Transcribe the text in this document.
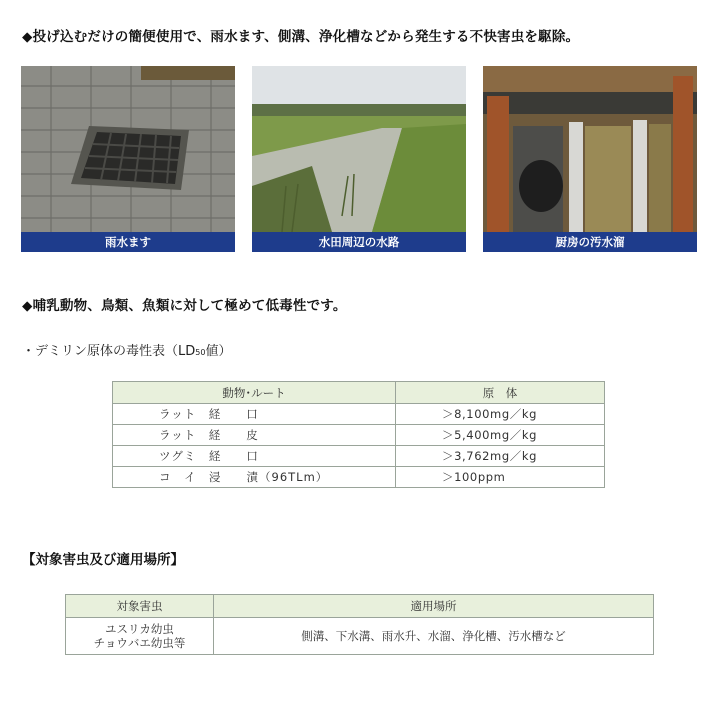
◆投げ込むだけの簡便使用で、雨水ます、側溝、浄化槽などから発生する不快害虫を駆除。
雨水ます	水田周辺の水路	厨房の汚水溜
◆哺乳動物、鳥類、魚類に対して極めて低毒性です。
・デミリン原体の毒性表（LD50値）
動物･ルート	原　体
ラット　経　　口	＞8,100mg／kg
ラット　経　　皮	＞5,400mg／kg
ツグミ　経　　口	＞3,762mg／kg
コ　イ　浸　　漬（96TLm）	＞100ppm
【対象害虫及び適用場所】
対象害虫	適用場所

ユスリカ幼虫
チョウバエ幼虫等	側溝、下水溝、雨水升、水溜、浄化槽、汚水槽など
